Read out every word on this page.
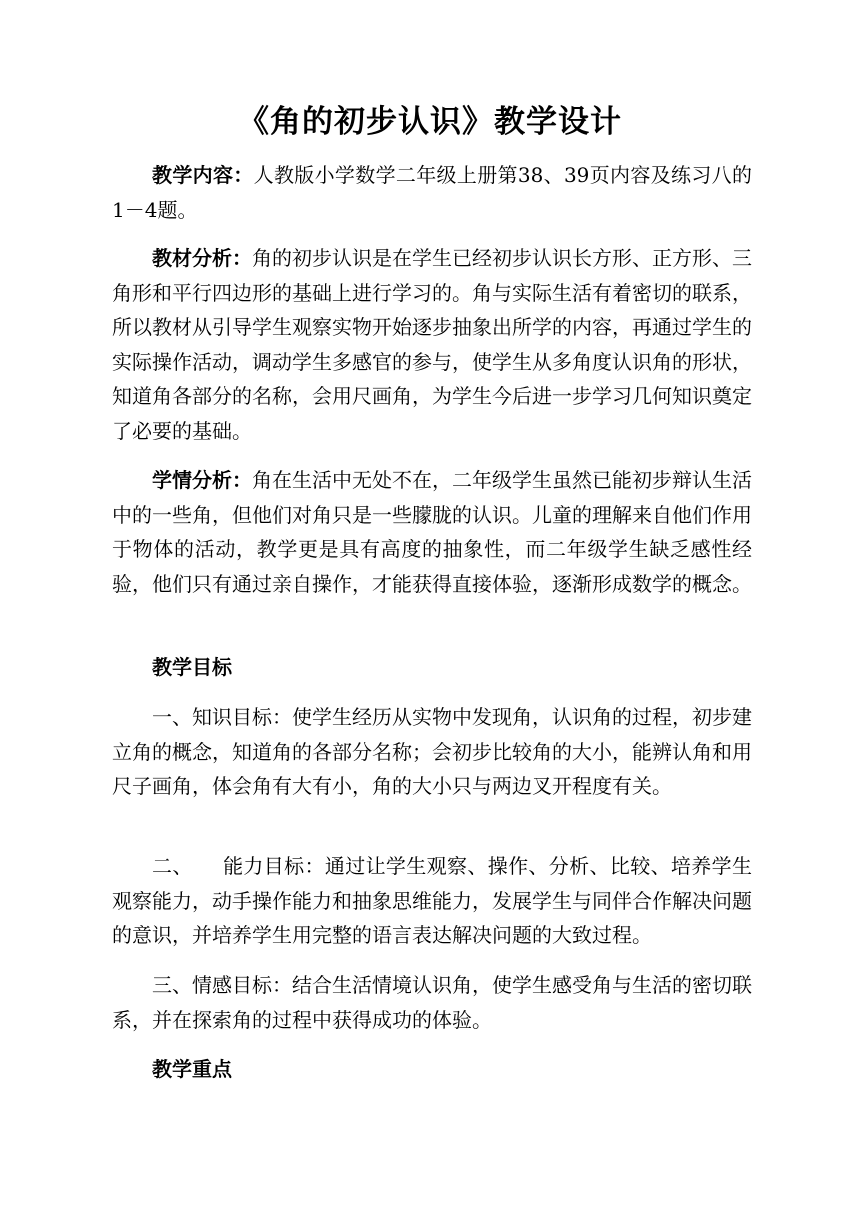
《角的初步认识》教学设计

教学内容：人教版小学数学二年级上册第38、39页内容及练习八的1－4题。

教材分析：角的初步认识是在学生已经初步认识长方形、正方形、三角形和平行四边形的基础上进行学习的。角与实际生活有着密切的联系，所以教材从引导学生观察实物开始逐步抽象出所学的内容，再通过学生的实际操作活动，调动学生多感官的参与，使学生从多角度认识角的形状，知道角各部分的名称，会用尺画角，为学生今后进一步学习几何知识奠定了必要的基础。

学情分析：角在生活中无处不在，二年级学生虽然已能初步辩认生活中的一些角，但他们对角只是一些朦胧的认识。儿童的理解来自他们作用于物体的活动，教学更是具有高度的抽象性，而二年级学生缺乏感性经验，他们只有通过亲自操作，才能获得直接体验，逐渐形成数学的概念。

教学目标

一、知识目标：使学生经历从实物中发现角，认识角的过程，初步建立角的概念，知道角的各部分名称；会初步比较角的大小，能辨认角和用尺子画角，体会角有大有小，角的大小只与两边叉开程度有关。

二、 能力目标：通过让学生观察、操作、分析、比较、培养学生观察能力，动手操作能力和抽象思维能力，发展学生与同伴合作解决问题的意识，并培养学生用完整的语言表达解决问题的大致过程。

三、情感目标：结合生活情境认识角，使学生感受角与生活的密切联系，并在探索角的过程中获得成功的体验。

教学重点
